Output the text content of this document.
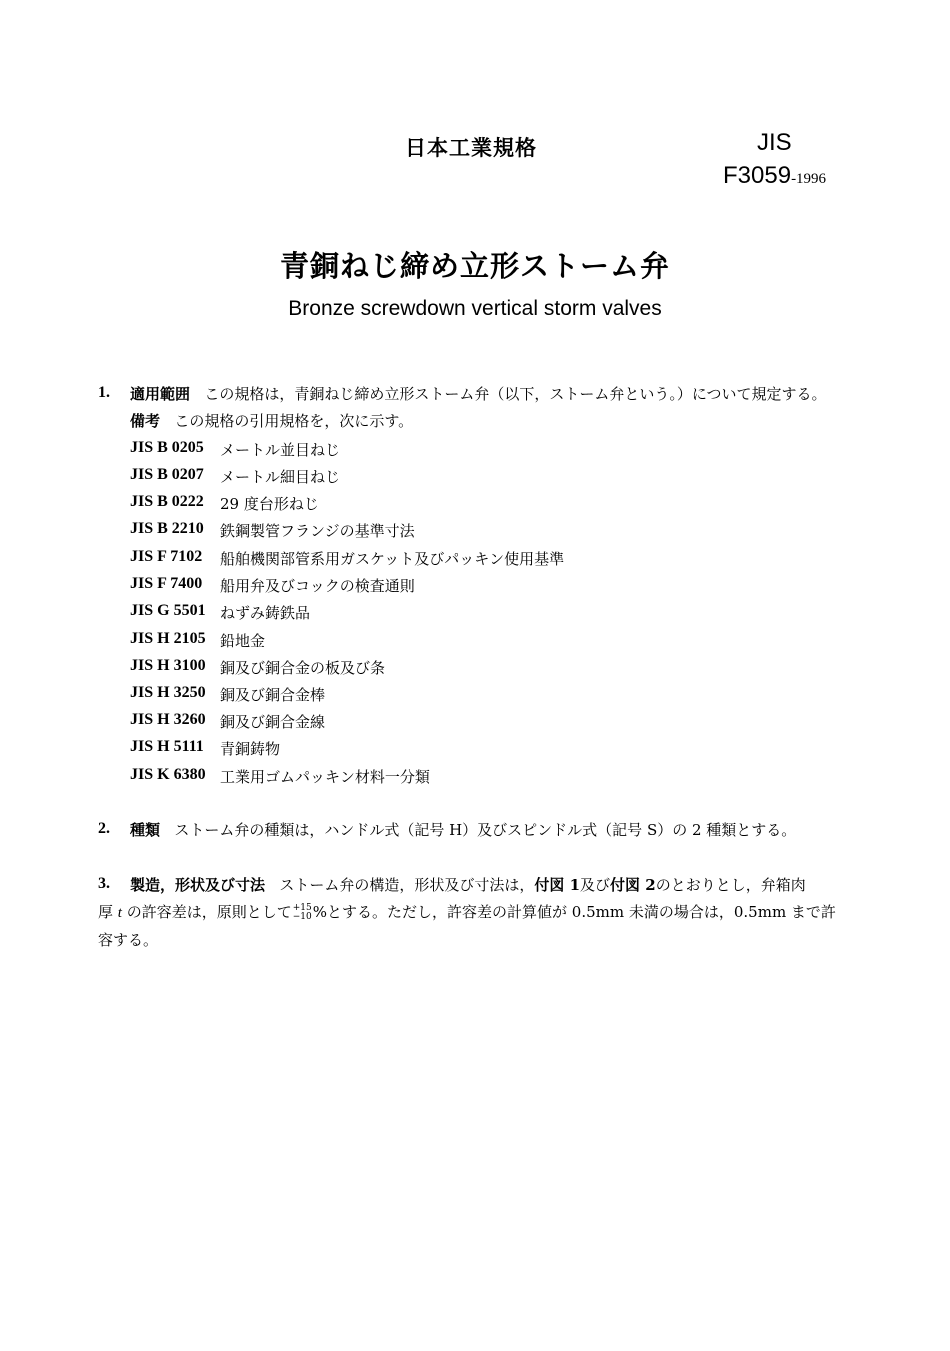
日本工業規格	JIS
F3059-1996
青銅ねじ締め立形ストーム弁
Bronze screwdown vertical storm valves
1. 適用範囲 この規格は，青銅ねじ締め立形ストーム弁（以下，ストーム弁という。）について規定する。
備考 この規格の引用規格を，次に示す。
JIS B 0205 メートル並目ねじ
JIS B 0207 メートル細目ねじ
JIS B 0222 29 度台形ねじ
JIS B 2210 鉄鋼製管フランジの基準寸法
JIS F 7102 船舶機関部管系用ガスケット及びパッキン使用基準
JIS F 7400 船用弁及びコックの検査通則
JIS G 5501 ねずみ鋳鉄品
JIS H 2105 鉛地金
JIS H 3100 銅及び銅合金の板及び条
JIS H 3250 銅及び銅合金棒
JIS H 3260 銅及び銅合金線
JIS H 5111 青銅鋳物
JIS K 6380 工業用ゴムパッキン材料一分類
2. 種類 ストーム弁の種類は，ハンドル式（記号 H）及びスピンドル式（記号 S）の 2 種類とする。
3. 製造，形状及び寸法 ストーム弁の構造，形状及び寸法は，付図 1及び付図 2のとおりとし，弁箱肉
厚 t の許容差は，原則として+15
−10%とする。ただし，許容差の計算値が 0.5mm 未満の場合は，0.5mm まで許
容する。
